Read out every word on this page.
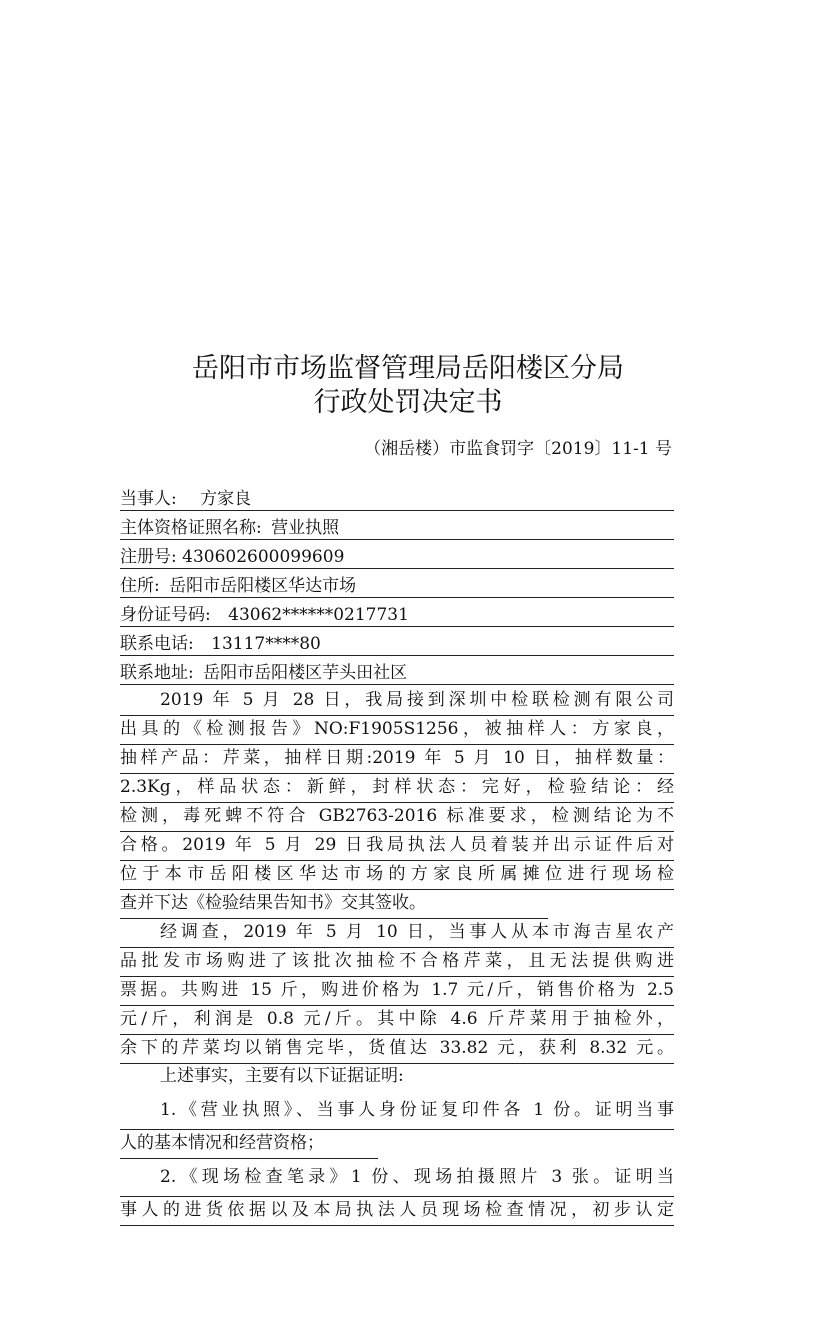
岳阳市市场监督管理局岳阳楼区分局
行政处罚决定书
（湘岳楼）市监食罚字〔2019〕11-1 号
当事人: 方家良
主体资格证照名称: 营业执照
注册号: 430602600099609
住所: 岳阳市岳阳楼区华达市场
身份证号码: 43062******0217731
联系电话: 13117****80
联系地址: 岳阳市岳阳楼区芋头田社区
2019 年 5 月 28 日，我局接到深圳中检联检测有限公司
出具的《检测报告》NO:F1905S1256，被抽样人：方家良，
抽样产品：芹菜，抽样日期:2019 年 5 月 10 日，抽样数量：
2.3Kg，样品状态：新鲜，封样状态：完好，检验结论：经
检测，毒死蜱不符合 GB2763-2016 标准要求，检测结论为不
合格。2019 年 5 月 29 日我局执法人员着装并出示证件后对
位于本市岳阳楼区华达市场的方家良所属摊位进行现场检
查并下达《检验结果告知书》交其签收。
经调查，2019 年 5 月 10 日，当事人从本市海吉星农产
品批发市场购进了该批次抽检不合格芹菜，且无法提供购进
票据。共购进 15 斤，购进价格为 1.7 元/斤，销售价格为 2.5
元/斤，利润是 0.8 元/斤。其中除 4.6 斤芹菜用于抽检外，
余下的芹菜均以销售完毕，货值达 33.82 元，获利 8.32 元。
上述事实，主要有以下证据证明:
1.《营业执照》、当事人身份证复印件各 1 份。证明当事
人的基本情况和经营资格；
2.《现场检查笔录》1 份、现场拍摄照片 3 张。证明当
事人的进货依据以及本局执法人员现场检查情况，初步认定
